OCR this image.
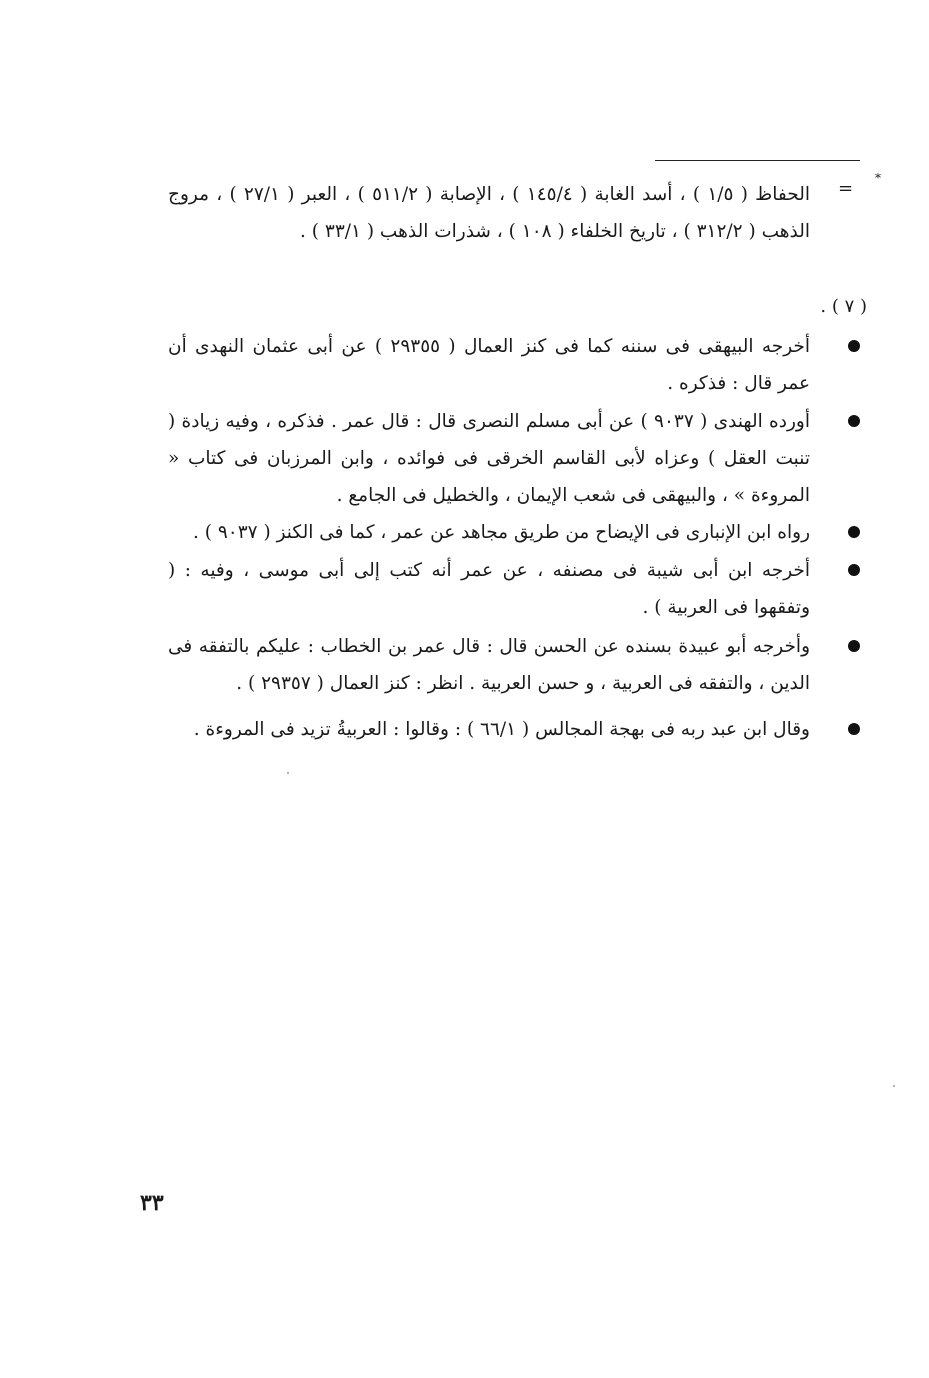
*
=
الحفاظ ( ١/٥ ) ، أسد الغابة ( ١٤٥/٤ ) ، الإصابة ( ٥١١/٢ ) ، العبر ( ٢٧/١ ) ، مروج الذهب ( ٣١٢/٢ ) ، تاريخ الخلفاء ( ١٠٨ ) ، شذرات الذهب ( ٣٣/١ ) .
( ٧ ) .
أخرجه البيهقى فى سننه كما فى كنز العمال ( ٢٩٣٥٥ ) عن أبى عثمان النهدى أن عمر قال : فذكره .
أورده الهندى ( ٩٠٣٧ ) عن أبى مسلم النصرى قال : قال عمر . فذكره ، وفيه زيادة ( تنبت العقل ) وعزاه لأبى القاسم الخرقى فى فوائده ، وابن المرزبان فى كتاب « المروءة » ، والبيهقى فى شعب الإيمان ، والخطيل فى الجامع .
رواه ابن الإنبارى فى الإيضاح من طريق مجاهد عن عمر ، كما فى الكنز ( ٩٠٣٧ ) .
أخرجه ابن أبى شيبة فى مصنفه ، عن عمر أنه كتب إلى أبى موسى ، وفيه : ( وتفقهوا فى العربية ) .
وأخرجه أبو عبيدة بسنده عن الحسن قال : قال عمر بن الخطاب : عليكم بالتفقه فى الدين ، والتفقه فى العربية ، و حسن العربية . انظر : كنز العمال ( ٢٩٣٥٧ ) .
وقال ابن عبد ربه فى بهجة المجالس ( ٦٦/١ ) : وقالوا : العربيةُ تزيد فى المروءة .
٣٣
